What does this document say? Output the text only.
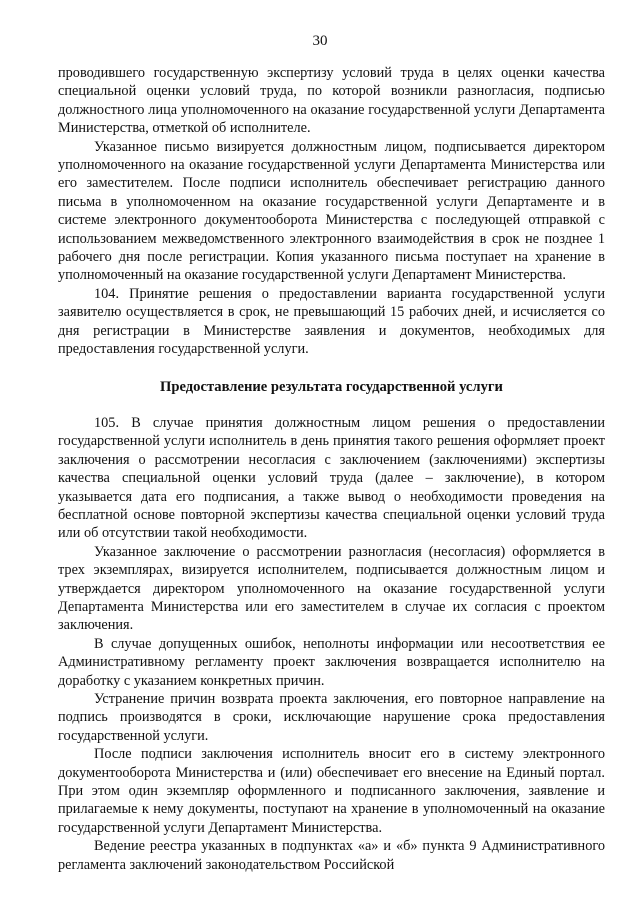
30

проводившего государственную экспертизу условий труда в целях оценки качества специальной оценки условий труда, по которой возникли разногласия, подписью должностного лица уполномоченного на оказание государственной услуги Департамента Министерства, отметкой об исполнителе.

Указанное письмо визируется должностным лицом, подписывается директором уполномоченного на оказание государственной услуги Департамента Министерства или его заместителем. После подписи исполнитель обеспечивает регистрацию данного письма в уполномоченном на оказание государственной услуги Департаменте и в системе электронного документооборота Министерства с последующей отправкой с использованием межведомственного электронного взаимодействия в срок не позднее 1 рабочего дня после регистрации. Копия указанного письма поступает на хранение в уполномоченный на оказание государственной услуги Департамент Министерства.

104. Принятие решения о предоставлении варианта государственной услуги заявителю осуществляется в срок, не превышающий 15 рабочих дней, и исчисляется со дня регистрации в Министерстве заявления и документов, необходимых для предоставления государственной услуги.

Предоставление результата государственной услуги

105. В случае принятия должностным лицом решения о предоставлении государственной услуги исполнитель в день принятия такого решения оформляет проект заключения о рассмотрении несогласия с заключением (заключениями) экспертизы качества специальной оценки условий труда (далее – заключение), в котором указывается дата его подписания, а также вывод о необходимости проведения на бесплатной основе повторной экспертизы качества специальной оценки условий труда или об отсутствии такой необходимости.

Указанное заключение о рассмотрении разногласия (несогласия) оформляется в трех экземплярах, визируется исполнителем, подписывается должностным лицом и утверждается директором уполномоченного на оказание государственной услуги Департамента Министерства или его заместителем в случае их согласия с проектом заключения.

В случае допущенных ошибок, неполноты информации или несоответствия ее Административному регламенту проект заключения возвращается исполнителю на доработку с указанием конкретных причин.

Устранение причин возврата проекта заключения, его повторное направление на подпись производятся в сроки, исключающие нарушение срока предоставления государственной услуги.

После подписи заключения исполнитель вносит его в систему электронного документооборота Министерства и (или) обеспечивает его внесение на Единый портал. При этом один экземпляр оформленного и подписанного заключения, заявление и прилагаемые к нему документы, поступают на хранение в уполномоченный на оказание государственной услуги Департамент Министерства.

Ведение реестра указанных в подпунктах «а» и «б» пункта 9 Административного регламента заключений законодательством Российской
